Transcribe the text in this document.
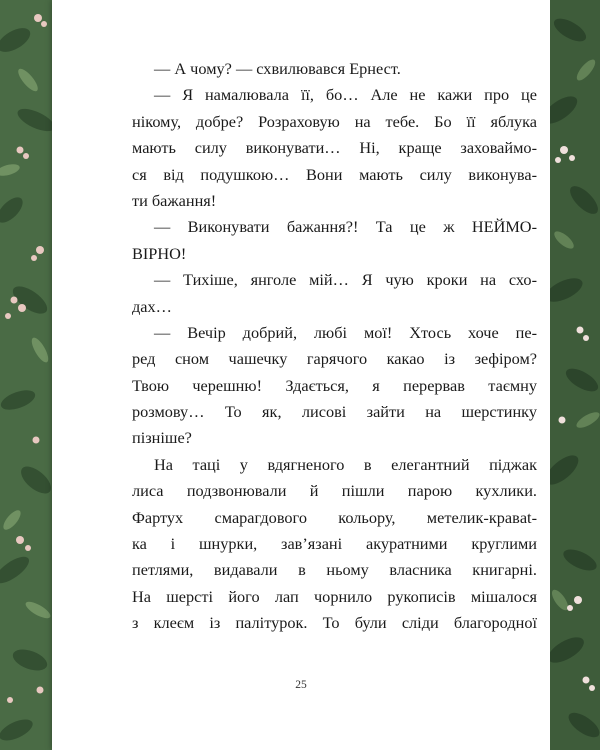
— А чому? — схвилювався Ернест.
— Я намалювала її, бо… Але не кажи про це
нікому, добре? Розраховую на тебе. Бо її яблука
мають силу виконувати… Ні, краще заховаймо-
ся від подушкою… Вони мають силу виконува-
ти бажання!
— Виконувати бажання?! Та це ж НЕЙМО-
ВІРНО!
— Тихіше, янголе мій… Я чую кроки на схо-
дах…
— Вечір добрий, любі мої! Хтось хоче пе-
ред сном чашечку гарячого какао із зефіром?
Твою черешню! Здається, я перервав таємну
розмову… То як, лисові зайти на шерстинку
пізніше?
На таці у вдягненого в елегантний піджак
лиса подзвонювали й пішли парою кухлики.
Фартух смарагдового кольору, метелик-кравat-
ка і шнурки, зав’язані акуратними круглими
петлями, видавали в ньому власника книгарні.
На шерсті його лап чорнило рукописів мішалося
з клеєм із палітурок. То були сліди благородної
25
